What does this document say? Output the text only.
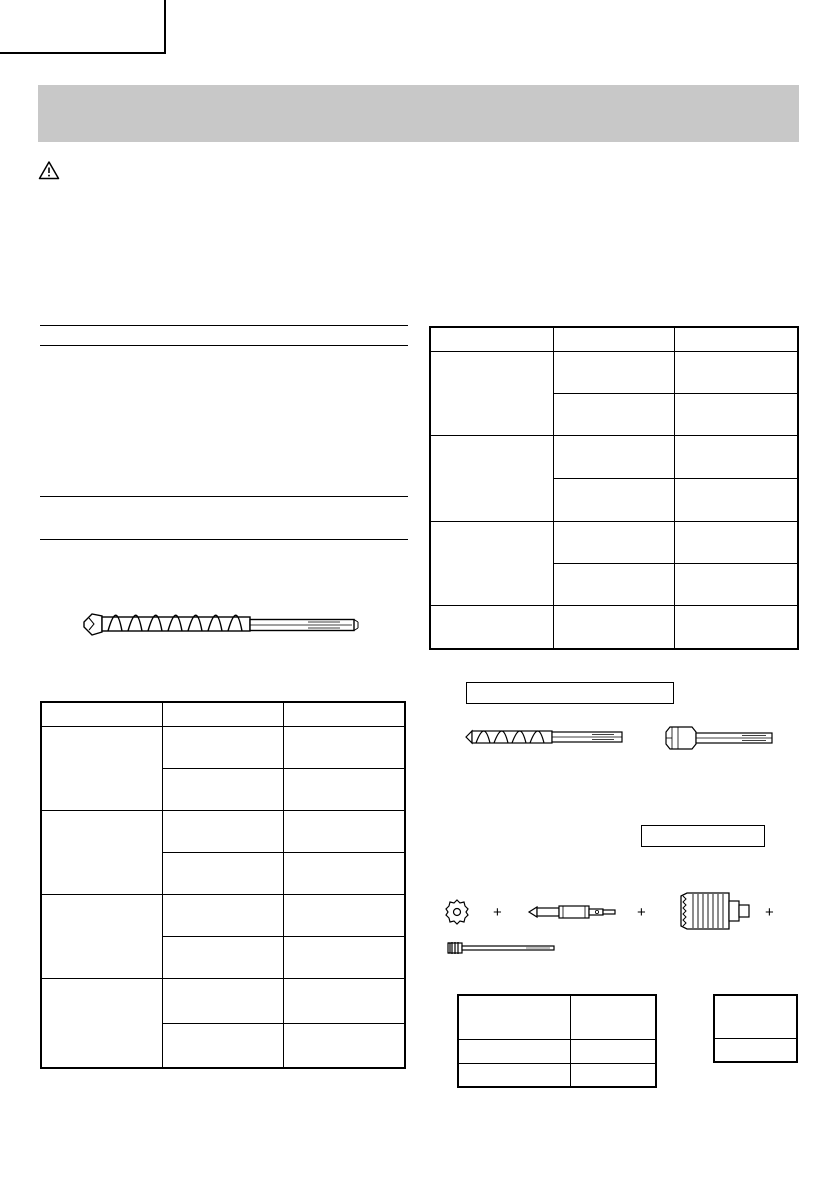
+	+	+
